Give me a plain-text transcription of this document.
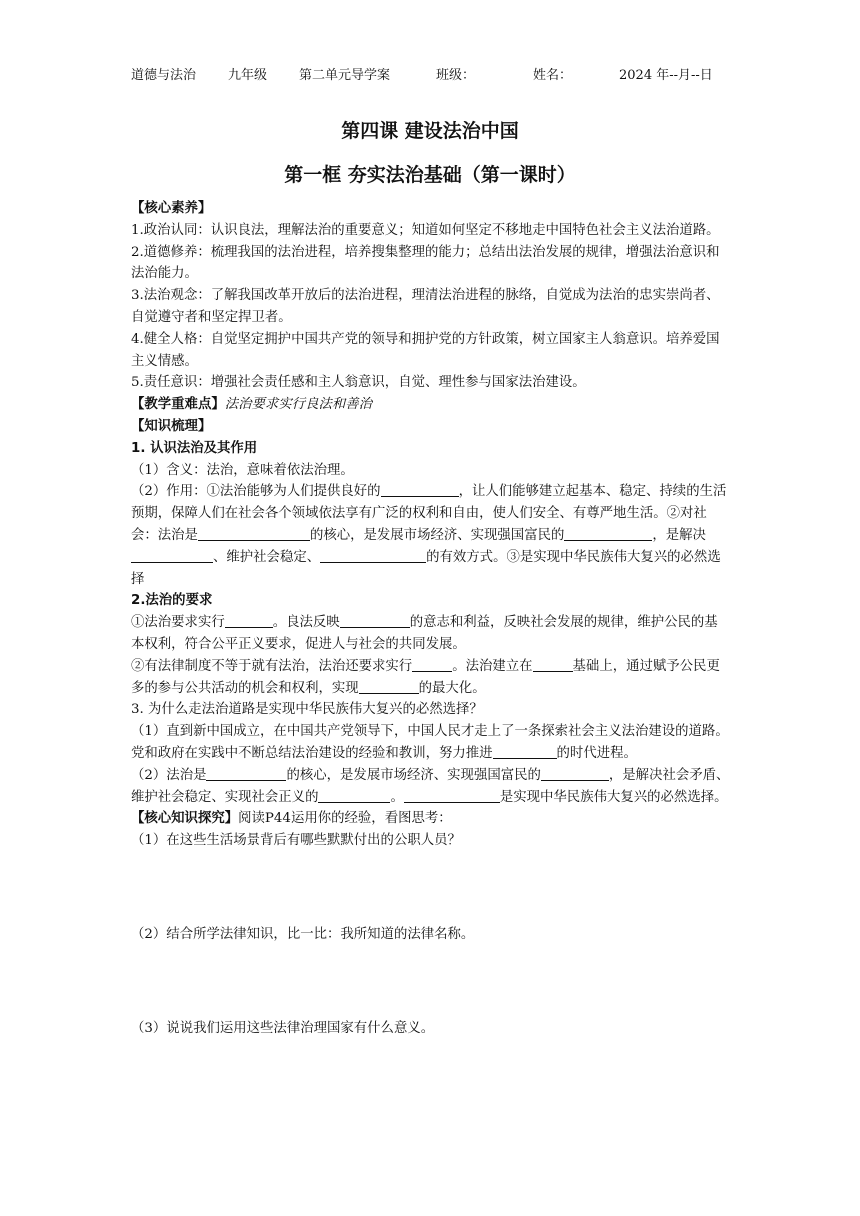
道德与法治 九年级 第二单元导学案	班级：	姓名：	2024 年--月--日
第四课 建设法治中国
第一框 夯实法治基础（第一课时）

【核心素养】

1.政治认同：认识良法，理解法治的重要意义；知道如何坚定不移地走中国特色社会主义法治道路。

2.道德修养：梳理我国的法治进程，培养搜集整理的能力；总结出法治发展的规律，增强法治意识和法治能力。

3.法治观念：了解我国改革开放后的法治进程，理清法治进程的脉络，自觉成为法治的忠实崇尚者、自觉遵守者和坚定捍卫者。

4.健全人格：自觉坚定拥护中国共产党的领导和拥护党的方针政策，树立国家主人翁意识。培养爱国主义情感。

5.责任意识：增强社会责任感和主人翁意识，自觉、理性参与国家法治建设。

【教学重难点】法治要求实行良法和善治

【知识梳理】

1. 认识法治及其作用

（1）含义：法治，意味着依法治理。

（2）作用：①法治能够为人们提供良好的	，让人们能够建立起基本、稳定、持续的生活预期，保障人们在社会各个领域依法享有广泛的权利和自由，使人们安全、有尊严地生活。②对社会：法治是	的核心，是发展市场经济、实现强国富民的	，是解决、维护社会稳定、	的有效方式。③是实现中华民族伟大复兴的必然选择

2.法治的要求

①法治要求实行	。良法反映	的意志和利益，反映社会发展的规律，维护公民的基本权利，符合公平正义要求，促进人与社会的共同发展。

②有法律制度不等于就有法治，法治还要求实行	。法治建立在	基础上，通过赋予公民更多的参与公共活动的机会和权利，实现	的最大化。

3. 为什么走法治道路是实现中华民族伟大复兴的必然选择？

（1）直到新中国成立，在中国共产党领导下，中国人民才走上了一条探索社会主义法治建设的道路。党和政府在实践中不断总结法治建设的经验和教训，努力推进	的时代进程。

（2）法治是	的核心，是发展市场经济、实现强国富民的	，是解决社会矛盾、维护社会稳定、实现社会正义的	。	是实现中华民族伟大复兴的必然选择。

【核心知识探究】阅读P44运用你的经验，看图思考：

（1）在这些生活场景背后有哪些默默付出的公职人员？

（2）结合所学法律知识，比一比：我所知道的法律名称。

（3）说说我们运用这些法律治理国家有什么意义。
